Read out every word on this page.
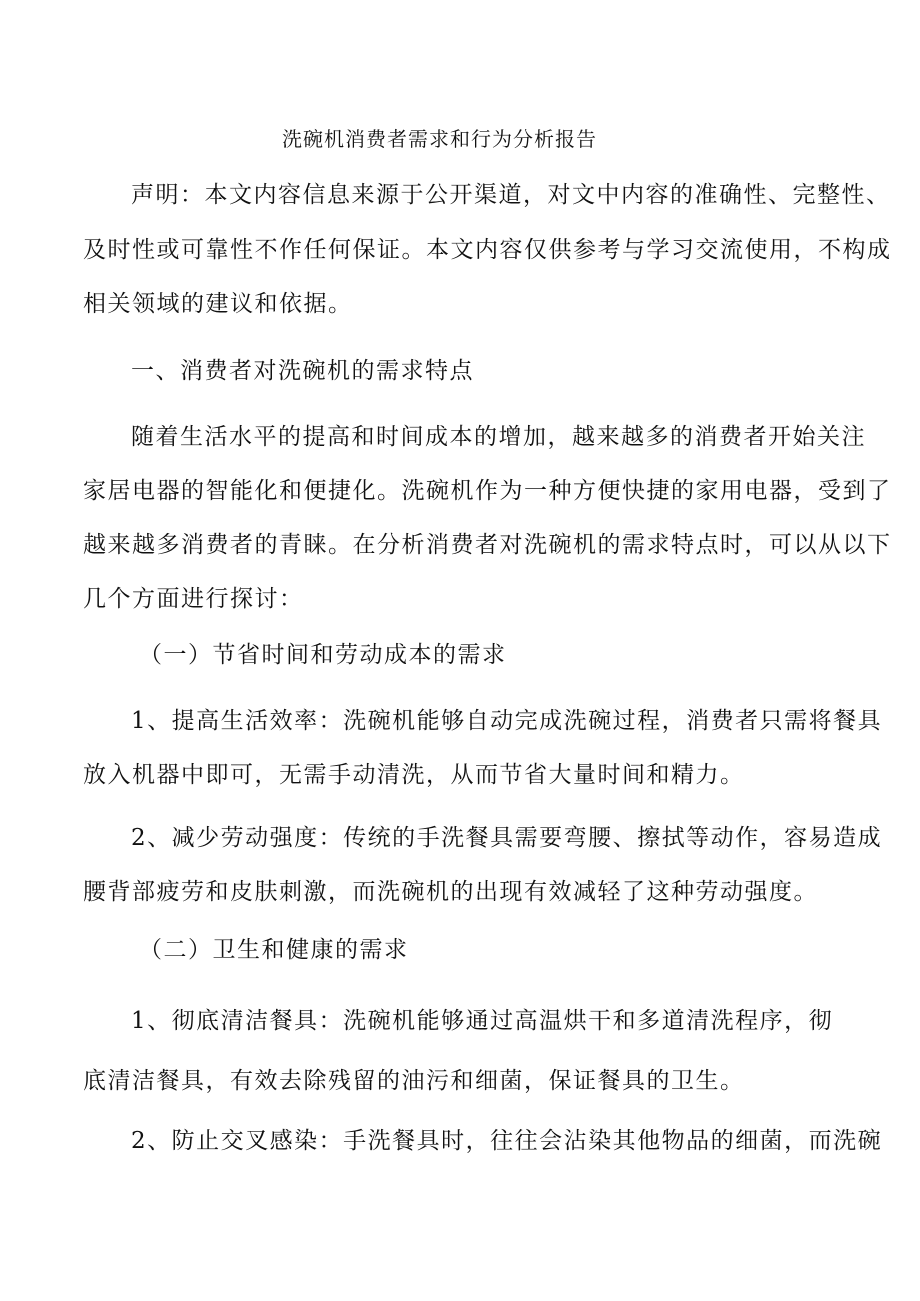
洗碗机消费者需求和行为分析报告
声明：本文内容信息来源于公开渠道，对文中内容的准确性、完整性、
及时性或可靠性不作任何保证。本文内容仅供参考与学习交流使用，不构成
相关领域的建议和依据。
一、消费者对洗碗机的需求特点
随着生活水平的提高和时间成本的增加，越来越多的消费者开始关注
家居电器的智能化和便捷化。洗碗机作为一种方便快捷的家用电器，受到了
越来越多消费者的青睐。在分析消费者对洗碗机的需求特点时，可以从以下
几个方面进行探讨：
（一）节省时间和劳动成本的需求
1、提高生活效率：洗碗机能够自动完成洗碗过程，消费者只需将餐具
放入机器中即可，无需手动清洗，从而节省大量时间和精力。
2、减少劳动强度：传统的手洗餐具需要弯腰、擦拭等动作，容易造成
腰背部疲劳和皮肤刺激，而洗碗机的出现有效减轻了这种劳动强度。
（二）卫生和健康的需求
1、彻底清洁餐具：洗碗机能够通过高温烘干和多道清洗程序，彻
底清洁餐具，有效去除残留的油污和细菌，保证餐具的卫生。
2、防止交叉感染：手洗餐具时，往往会沾染其他物品的细菌，而洗碗
